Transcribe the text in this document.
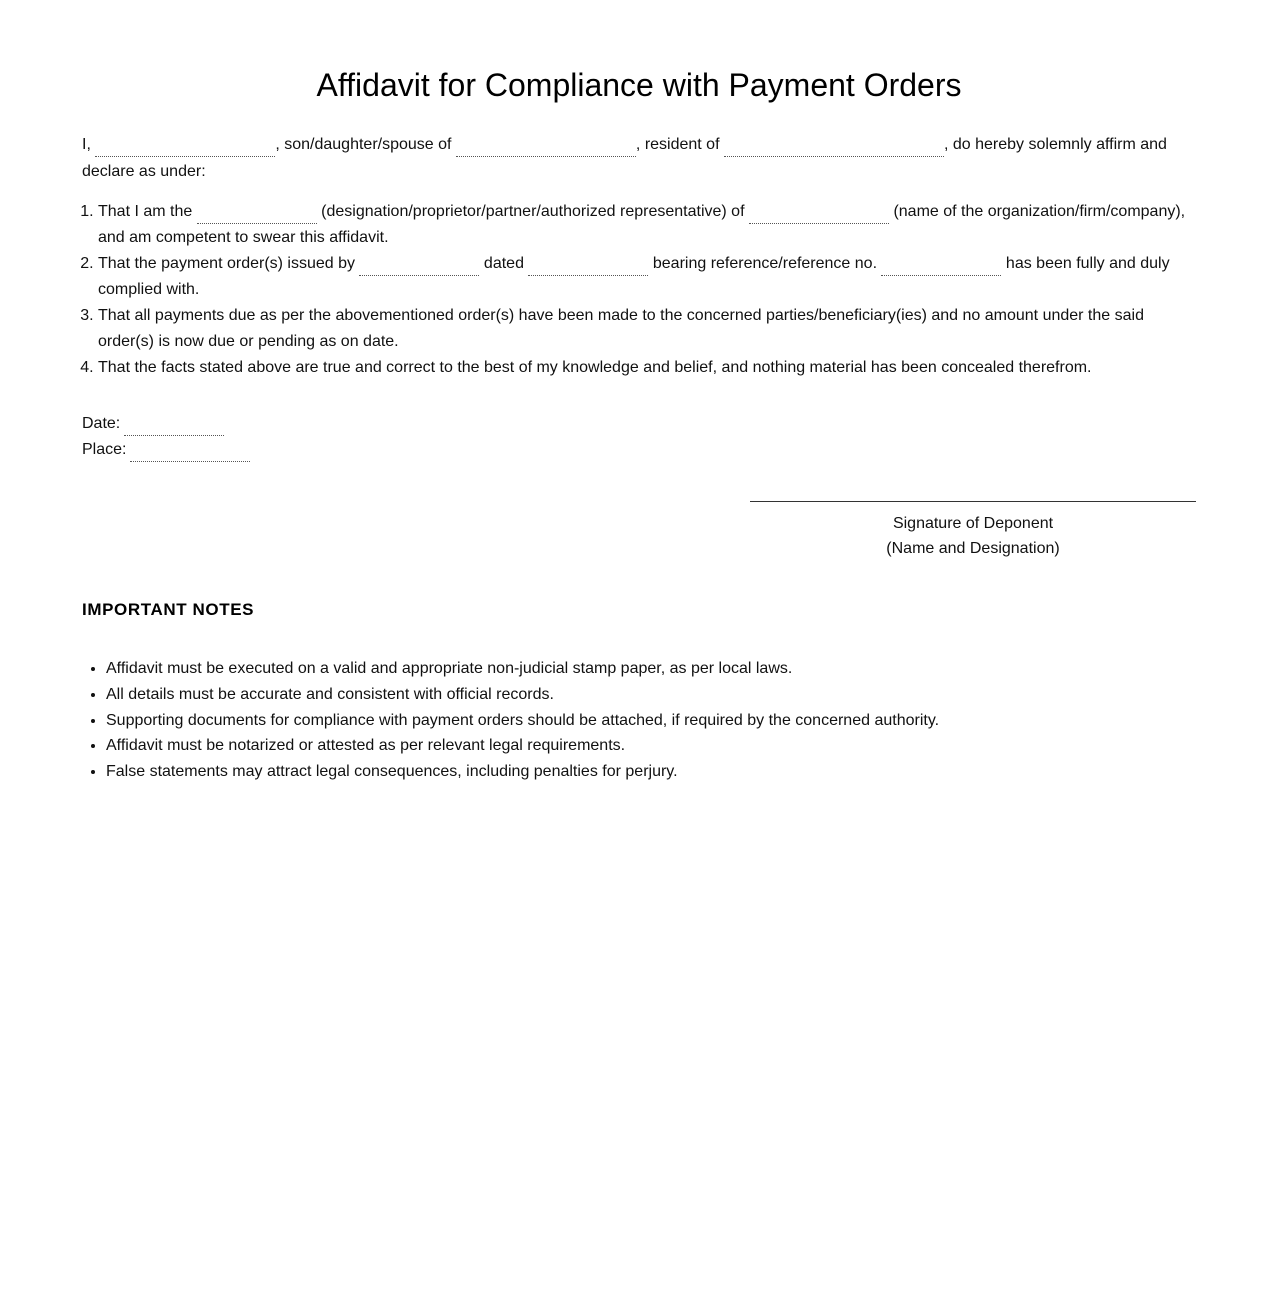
Affidavit for Compliance with Payment Orders
I,	, son/daughter/spouse of	, resident of	, do hereby solemnly affirm and declare as under:
1. That I am the	(designation/proprietor/partner/authorized representative) of	(name of the organization/firm/company), and am competent to swear this affidavit.
2. That the payment order(s) issued by	dated	bearing reference/reference no.	has been fully and duly complied with.
3. That all payments due as per the abovementioned order(s) have been made to the concerned parties/beneficiary(ies) and no amount under the said order(s) is now due or pending as on date.
4. That the facts stated above are true and correct to the best of my knowledge and belief, and nothing material has been concealed therefrom.
Date:
Place:
Signature of Deponent
(Name and Designation)
IMPORTANT NOTES
• Affidavit must be executed on a valid and appropriate non-judicial stamp paper, as per local laws.
• All details must be accurate and consistent with official records.
• Supporting documents for compliance with payment orders should be attached, if required by the concerned authority.
• Affidavit must be notarized or attested as per relevant legal requirements.
• False statements may attract legal consequences, including penalties for perjury.
